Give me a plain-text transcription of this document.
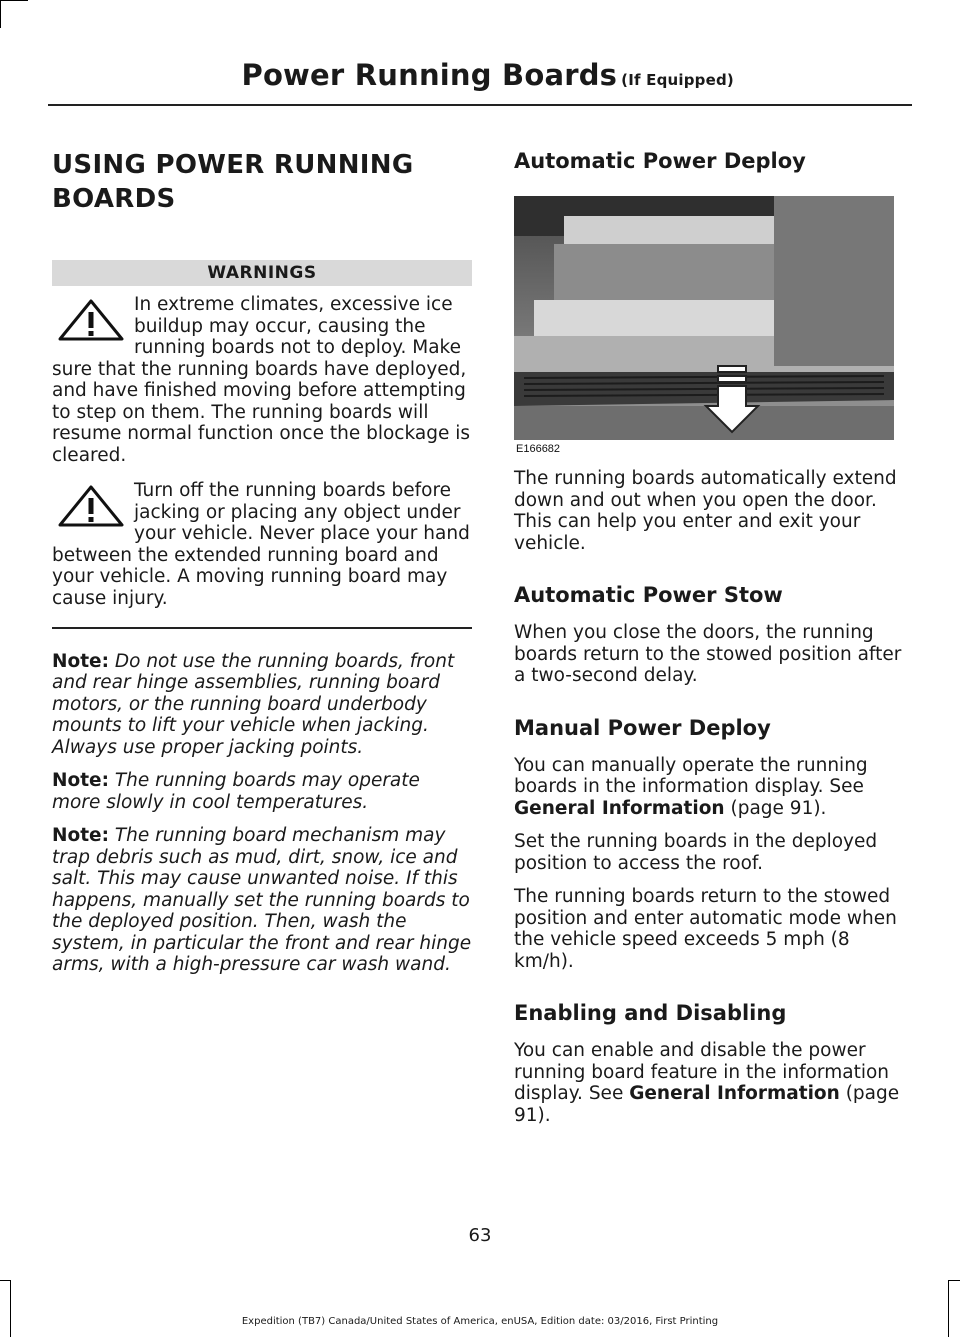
Power Running Boards (If Equipped)
USING POWER RUNNING BOARDS
WARNINGS
In extreme climates, excessive ice buildup may occur, causing the running boards not to deploy. Make sure that the running boards have deployed, and have finished moving before attempting to step on them. The running boards will resume normal function once the blockage is cleared.
Turn off the running boards before jacking or placing any object under your vehicle. Never place your hand between the extended running board and your vehicle. A moving running board may cause injury.

Note: Do not use the running boards, front and rear hinge assemblies, running board motors, or the running board underbody mounts to lift your vehicle when jacking. Always use proper jacking points.

Note: The running boards may operate more slowly in cool temperatures.

Note: The running board mechanism may trap debris such as mud, dirt, snow, ice and salt. This may cause unwanted noise. If this happens, manually set the running boards to the deployed position. Then, wash the system, in particular the front and rear hinge arms, with a high-pressure car wash wand.

Automatic Power Deploy
E166682

The running boards automatically extend down and out when you open the door. This can help you enter and exit your vehicle.

Automatic Power Stow

When you close the doors, the running boards return to the stowed position after a two-second delay.

Manual Power Deploy

You can manually operate the running boards in the information display. See General Information (page 91).

Set the running boards in the deployed position to access the roof.

The running boards return to the stowed position and enter automatic mode when the vehicle speed exceeds 5 mph (8 km/h).

Enabling and Disabling

You can enable and disable the power running board feature in the information display. See General Information (page 91).

63
Expedition (TB7) Canada/United States of America, enUSA, Edition date: 03/2016, First Printing
